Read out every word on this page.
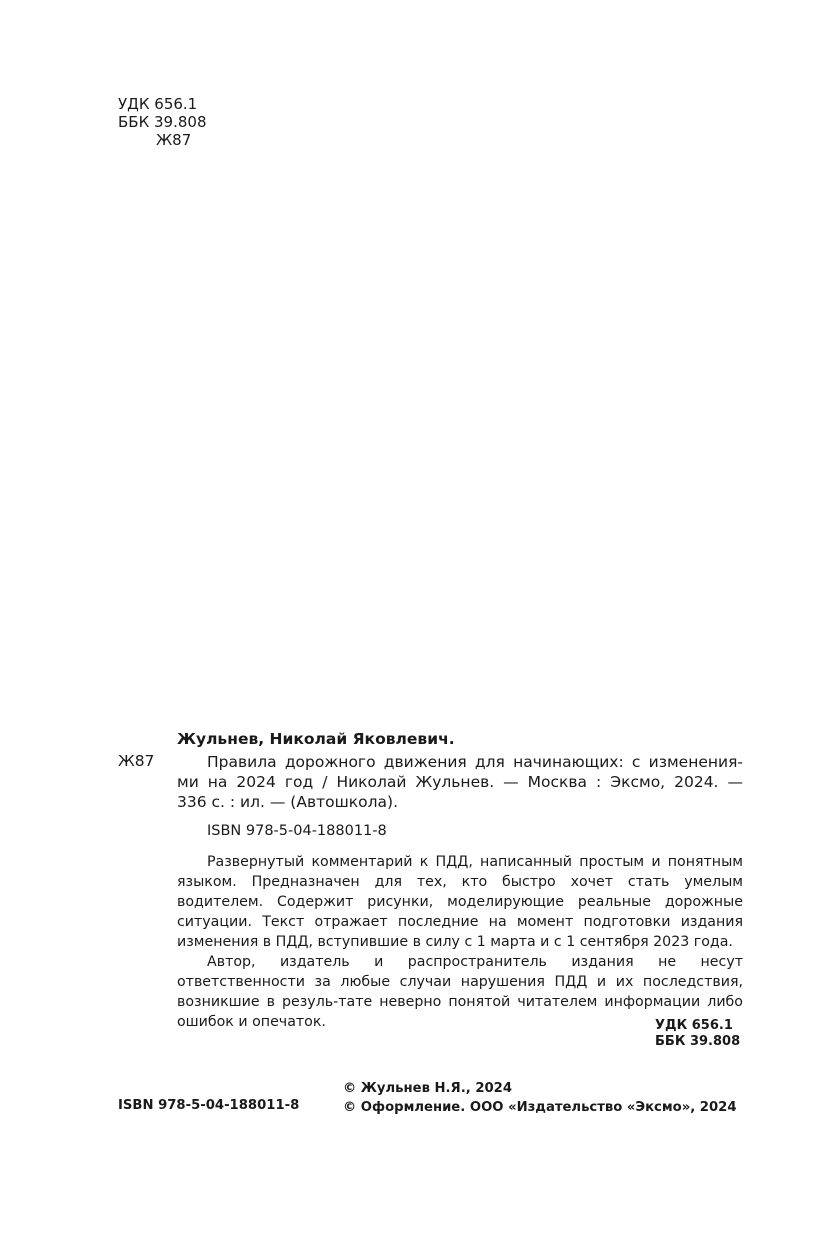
УДК 656.1
ББК 39.808
Ж87
Жульнев, Николай Яковлевич.
Ж87	Правила дорожного движения для начинающих: с изменения-
ми на 2024 год / Николай Жульнев. — Москва : Эксмо, 2024. —
336 с. : ил. — (Автошкола).
ISBN 978-5-04-188011-8

Развернутый комментарий к ПДД, написанный простым и понятным языком. Предназначен для тех, кто быстро хочет стать умелым водителем. Содержит рисунки, моделирующие реальные дорожные ситуации. Текст отражает последние на момент подготовки издания изменения в ПДД, вступившие в силу с 1 марта и с 1 сентября 2023 года.

Автор, издатель и распространитель издания не несут ответственности за любые случаи нарушения ПДД и их последствия, возникшие в резуль-тате неверно понятой читателем информации либо ошибок и опечаток.	УДК 656.1
ББК 39.808
© Жульнев Н.Я., 2024
© Оформление. ООО «Издательство «Эксмо», 2024
ISBN 978-5-04-188011-8
